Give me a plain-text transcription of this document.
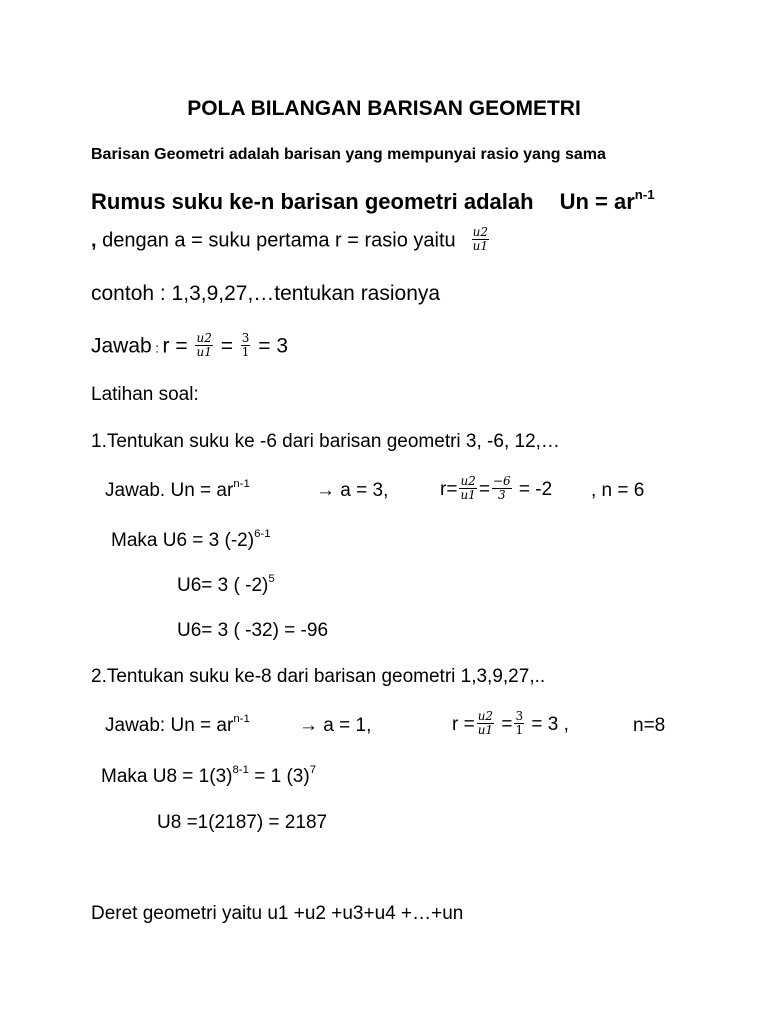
POLA BILANGAN BARISAN GEOMETRI
Barisan Geometri adalah barisan yang mempunyai rasio yang sama
Rumus suku ke-n barisan geometri adalah $Un = ar^{n-1}$
, dengan a = suku pertama r = rasio yaitu $\frac{u2}{u1}$
contoh : 1,3,9,27,…tentukan rasionya
Jawab : $r = \frac{u2}{u1} = \frac{3}{1} = 3$
Latihan soal:
1.Tentukan suku ke -6 dari barisan geometri 3, -6, 12,…
Jawab. $Un = ar^{n-1}$	→ a = 3,	$r= \frac{u2}{u1} = \frac{-6}{3} = -2$ , n = 6
Maka U6 = 3 $(-2)^{6-1}$
U6= 3 ( -2)$^5$
U6= 3 ( -32) = -96
2.Tentukan suku ke-8 dari barisan geometri 1,3,9,27,..
Jawab: $Un = ar^{n-1}$	→ a = 1,	$r = \frac{u2}{u1} = \frac{3}{1} = 3$ ,	n=8
Maka $U8 = 1(3)^{8-1} = 1$ $(3)^7$
U8 =1(2187) = 2187
Deret geometri yaitu u1 +u2 +u3+u4 +…+un
